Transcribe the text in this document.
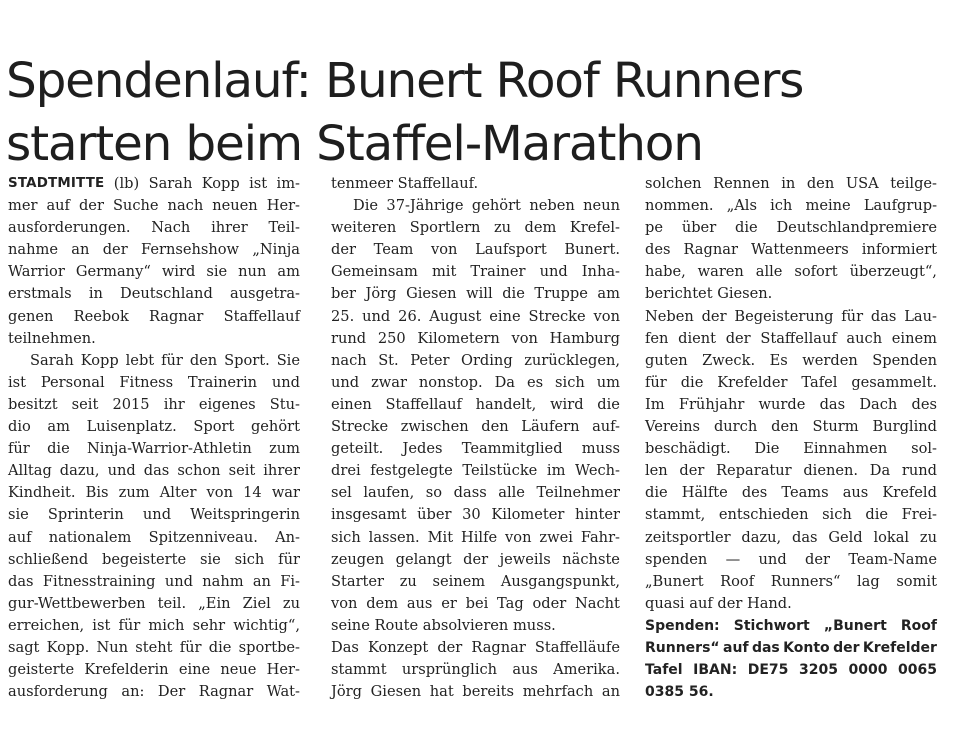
Spendenlauf: Bunert Roof Runners
starten beim Staffel-Marathon
STADTMITTE (lb) Sarah Kopp ist im-
mer auf der Suche nach neuen Her-
ausforderungen. Nach ihrer Teil-
nahme an der Fernsehshow „Ninja
Warrior Germany“ wird sie nun am
erstmals in Deutschland ausgetra-
genen Reebok Ragnar Staffellauf
teilnehmen.
Sarah Kopp lebt für den Sport. Sie
ist Personal Fitness Trainerin und
besitzt seit 2015 ihr eigenes Stu-
dio am Luisenplatz. Sport gehört
für die Ninja-Warrior-Athletin zum
Alltag dazu, und das schon seit ihrer
Kindheit. Bis zum Alter von 14 war
sie Sprinterin und Weitspringerin
auf nationalem Spitzenniveau. An-
schließend begeisterte sie sich für
das Fitnesstraining und nahm an Fi-
gur-Wettbewerben teil. „Ein Ziel zu
erreichen, ist für mich sehr wichtig“,
sagt Kopp. Nun steht für die sportbe-
geisterte Krefelderin eine neue Her-
ausforderung an: Der Ragnar Wat-
tenmeer Staffellauf.
Die 37-Jährige gehört neben neun
weiteren Sportlern zu dem Krefel-
der Team von Laufsport Bunert.
Gemeinsam mit Trainer und Inha-
ber Jörg Giesen will die Truppe am
25. und 26. August eine Strecke von
rund 250 Kilometern von Hamburg
nach St. Peter Ording zurücklegen,
und zwar nonstop. Da es sich um
einen Staffellauf handelt, wird die
Strecke zwischen den Läufern auf-
geteilt. Jedes Teammitglied muss
drei festgelegte Teilstücke im Wech-
sel laufen, so dass alle Teilnehmer
insgesamt über 30 Kilometer hinter
sich lassen. Mit Hilfe von zwei Fahr-
zeugen gelangt der jeweils nächste
Starter zu seinem Ausgangspunkt,
von dem aus er bei Tag oder Nacht
seine Route absolvieren muss.
Das Konzept der Ragnar Staffelläufe
stammt ursprünglich aus Amerika.
Jörg Giesen hat bereits mehrfach an
solchen Rennen in den USA teilge-
nommen. „Als ich meine Laufgrup-
pe über die Deutschlandpremiere
des Ragnar Wattenmeers informiert
habe, waren alle sofort überzeugt“,
berichtet Giesen.
Neben der Begeisterung für das Lau-
fen dient der Staffellauf auch einem
guten Zweck. Es werden Spenden
für die Krefelder Tafel gesammelt.
Im Frühjahr wurde das Dach des
Vereins durch den Sturm Burglind
beschädigt. Die Einnahmen sol-
len der Reparatur dienen. Da rund
die Hälfte des Teams aus Krefeld
stammt, entschieden sich die Frei-
zeitsportler dazu, das Geld lokal zu
spenden — und der Team-Name
„Bunert Roof Runners“ lag somit
quasi auf der Hand.
Spenden: Stichwort „Bunert Roof
Runners“ auf das Konto der Krefelder
Tafel IBAN: DE75 3205 0000 0065
0385 56.
